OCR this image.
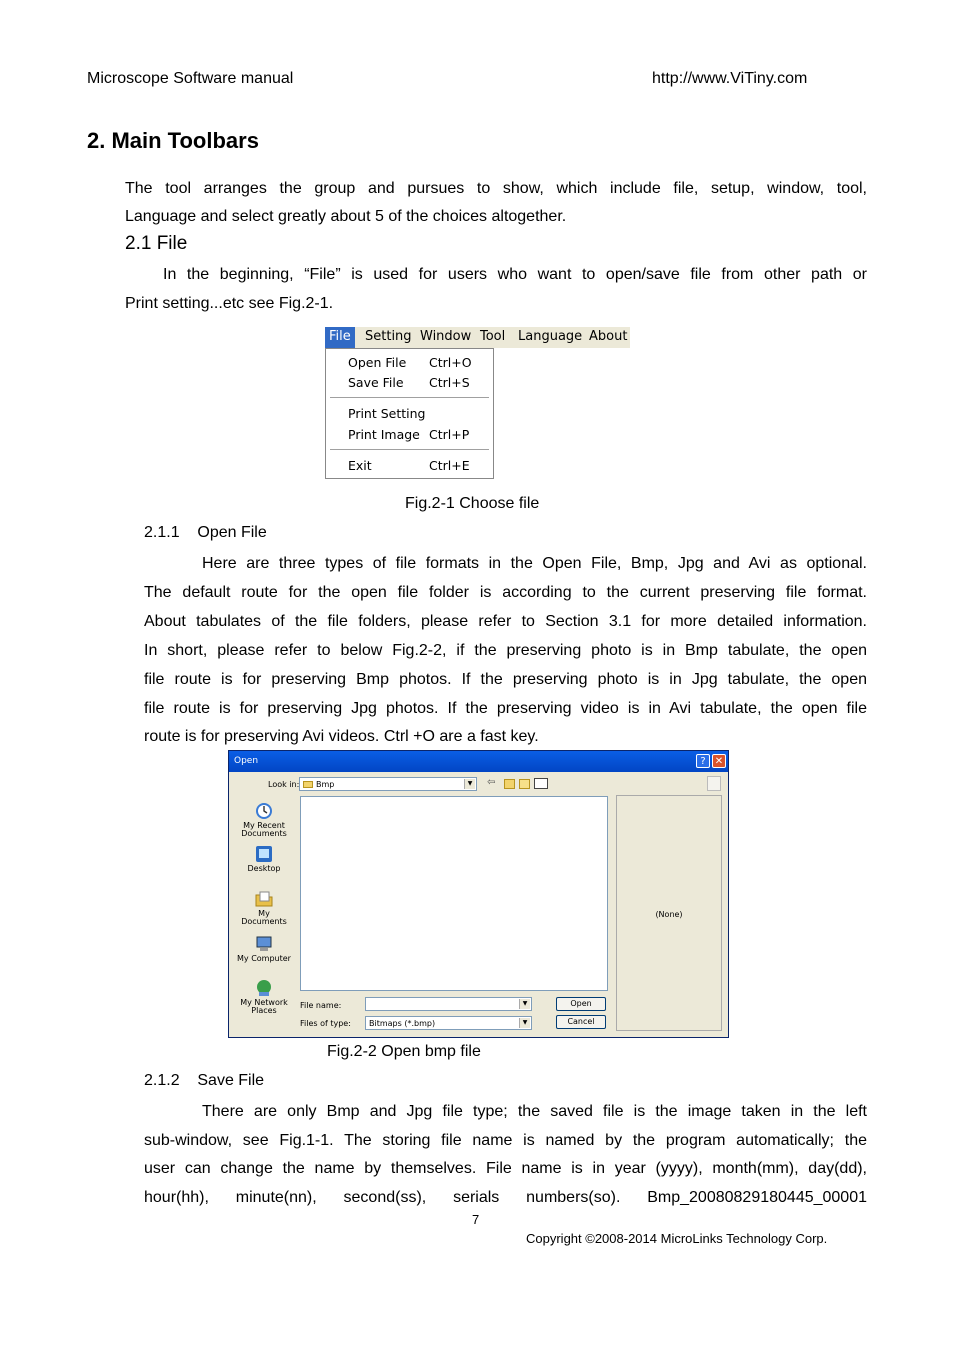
Microscope Software manual	http://www.ViTiny.com
2. Main Toolbars
The tool arranges the group and pursues to show, which include file, setup, window, tool,
Language and select greatly about 5 of the choices altogether.
2.1 File
In the beginning, “File” is used for users who want to open/save file from other path or
Print setting...etc see Fig.2-1.
File	Setting Window Tool Language About
Open File Ctrl+O
Save File Ctrl+S
Print Setting
Print Image Ctrl+P
Exit	Ctrl+E
Fig.2-1 Choose file
2.1.1    Open File
Here are three types of file formats in the Open File, Bmp, Jpg and Avi as optional.
The default route for the open file folder is according to the current preserving file format.
About tabulates of the file folders, please refer to Section 3.1 for more detailed information.
In short, please refer to below Fig.2-2, if the preserving photo is in Bmp tabulate, the open
file route is for preserving Bmp photos. If the preserving photo is in Jpg tabulate, the open
file route is for preserving Jpg photos. If the preserving video is in Avi tabulate, the open file
route is for preserving Avi videos. Ctrl +O are a fast key.
Open	? ✕
Look in: Bmp	▼ ⇦
My Recent Documents
Desktop
My Documents
My Computer
My Network Places
(None)
File name:	▼
Files of type: Bitmaps (*.bmp)	▼
Open
Cancel
Fig.2-2 Open bmp file
2.1.2    Save File
There are only Bmp and Jpg file type; the saved file is the image taken in the left
sub-window, see Fig.1-1. The storing file name is named by the program automatically; the
user can change the name by themselves. File name is in year (yyyy), month(mm), day(dd),
hour(hh), minute(nn), second(ss), serials numbers(so). Bmp_20080829180445_00001
7
Copyright ©2008-2014 MicroLinks Technology Corp.
